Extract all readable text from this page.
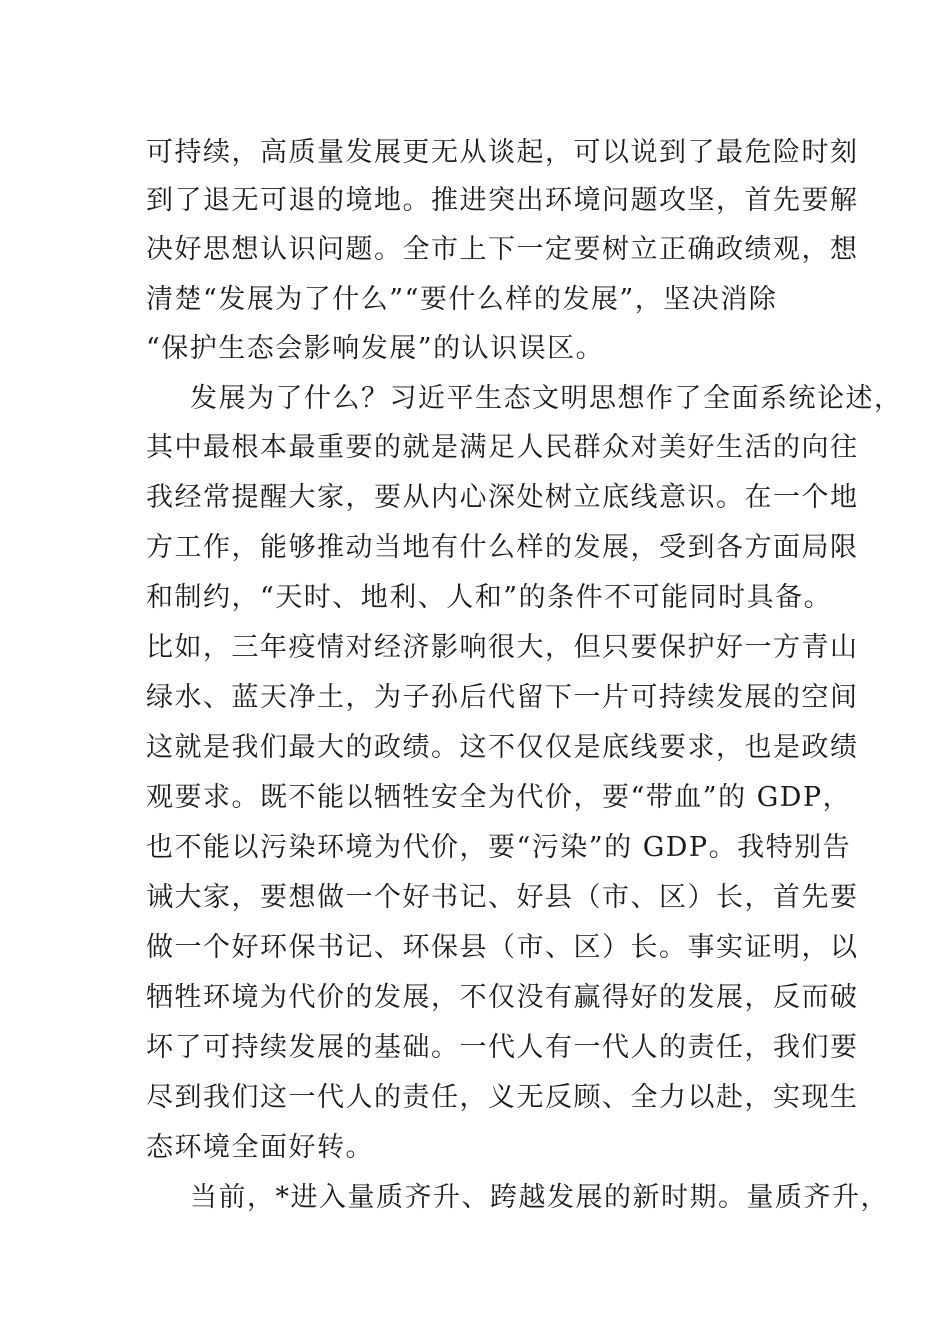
可持续，高质量发展更无从谈起，可以说到了最危险时刻
到了退无可退的境地。推进突出环境问题攻坚，首先要解
决好思想认识问题。全市上下一定要树立正确政绩观，想
清楚“发展为了什么”“要什么样的发展”，坚决消除
“保护生态会影响发展”的认识误区。
发展为了什么？习近平生态文明思想作了全面系统论述，
其中最根本最重要的就是满足人民群众对美好生活的向往
我经常提醒大家，要从内心深处树立底线意识。在一个地
方工作，能够推动当地有什么样的发展，受到各方面局限
和制约，“天时、地利、人和”的条件不可能同时具备。
比如，三年疫情对经济影响很大，但只要保护好一方青山
绿水、蓝天净土，为子孙后代留下一片可持续发展的空间
这就是我们最大的政绩。这不仅仅是底线要求，也是政绩
观要求。既不能以牺牲安全为代价，要“带血”的 GDP，
也不能以污染环境为代价，要“污染”的 GDP。我特别告
诫大家，要想做一个好书记、好县（市、区）长，首先要
做一个好环保书记、环保县（市、区）长。事实证明，以
牺牲环境为代价的发展，不仅没有赢得好的发展，反而破
坏了可持续发展的基础。一代人有一代人的责任，我们要
尽到我们这一代人的责任，义无反顾、全力以赴，实现生
态环境全面好转。
当前，*进入量质齐升、跨越发展的新时期。量质齐升，
